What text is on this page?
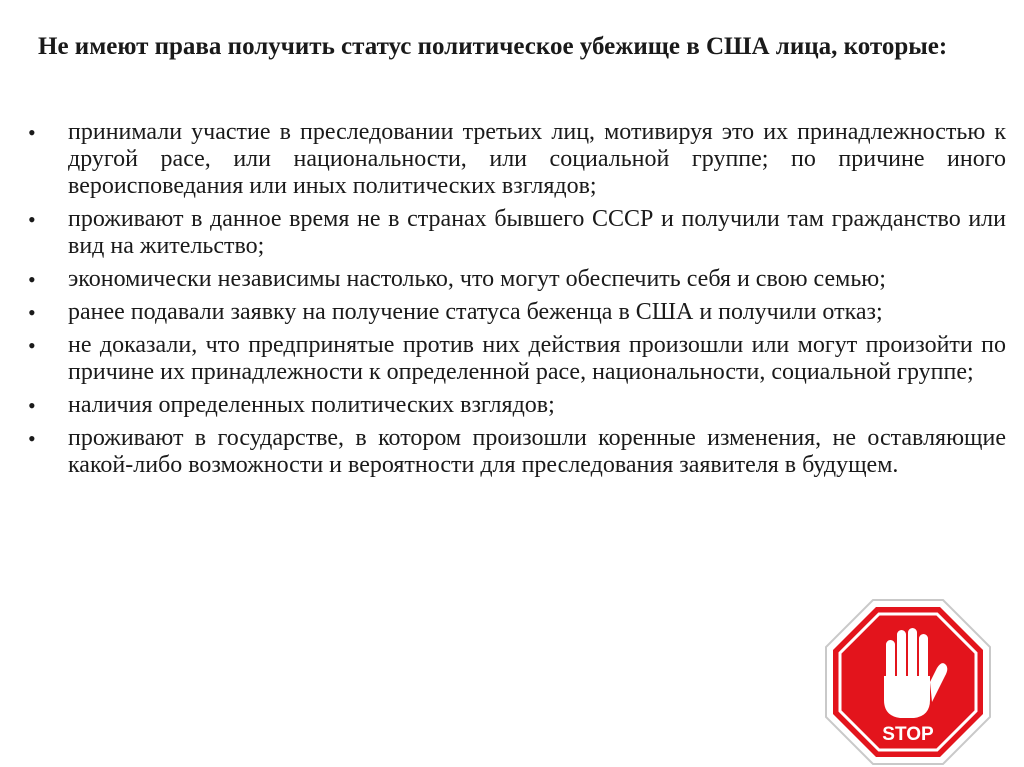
Не имеют права получить статус политическое убежище в США лица, которые:
•	принимали участие в преследовании третьих лиц, мотивируя это их принадлежностью к другой расе, или национальности, или социальной группе; по причине иного вероисповедания или иных политических взглядов;
•	проживают в данное время не в странах бывшего СССР и получили там гражданство или вид на жительство;
•	экономически независимы настолько, что могут обеспечить себя и свою семью;
•	ранее подавали заявку на получение статуса беженца в США и получили отказ;
•	не доказали, что предпринятые против них действия произошли или могут произойти по причине их принадлежности к определенной расе, национальности, социальной группе;
•	наличия определенных политических взглядов;
•	проживают в государстве, в котором произошли коренные изменения, не оставляющие какой-либо возможности и вероятности для преследования заявителя в будущем.
STOP
